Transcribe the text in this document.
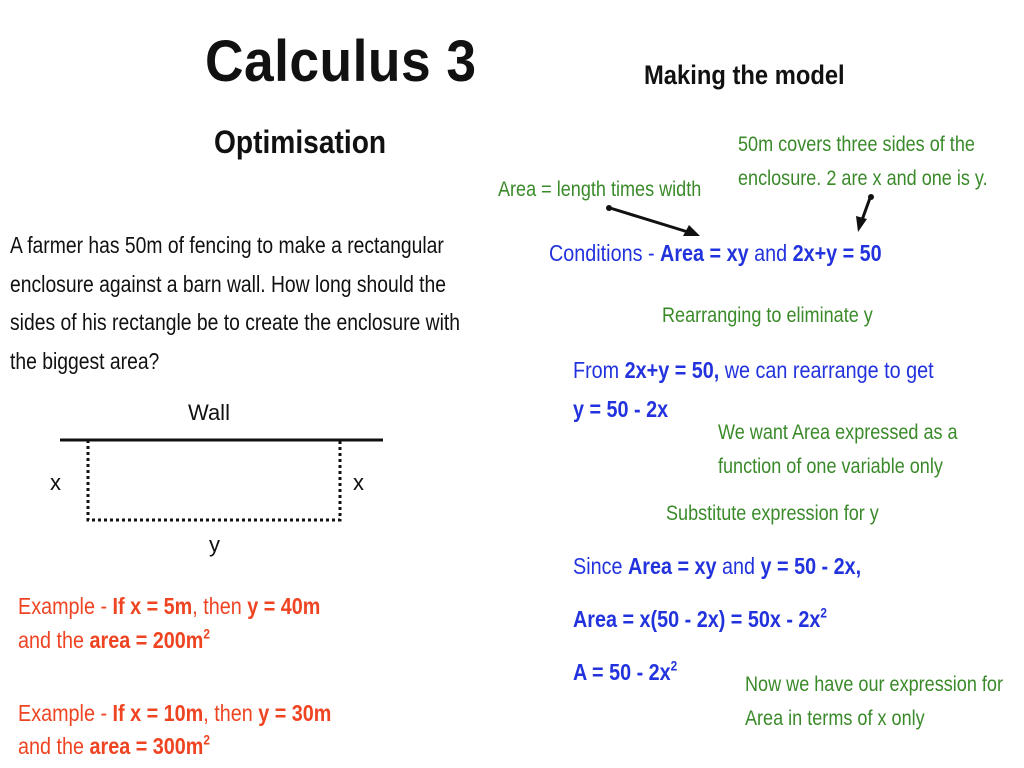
Calculus 3
Optimisation
A farmer has 50m of fencing to make a rectangular enclosure against a barn wall. How long should the sides of his rectangle be to create the enclosure with the biggest area?
Wall
x	x
y
Example - If x = 5m, then y = 40m
and the area = $200m^2$
Example - If x = 10m, then y = 30m
and the area = $300m^2$
Making the model
50m covers three sides of the enclosure. 2 are x and one is y.
Area = length times width
Conditions - Area = xy and 2x+y = 50
Rearranging to eliminate y
From 2x+y = 50, we can rearrange to get
y = 50 - 2x
We want Area expressed as a function of one variable only
Substitute expression for y
Since Area = xy and y = 50 - 2x,
Area = $x(50 - 2x) = 50x - 2x^2$
$A = 50 - 2x^2$
Now we have our expression for Area in terms of x only
